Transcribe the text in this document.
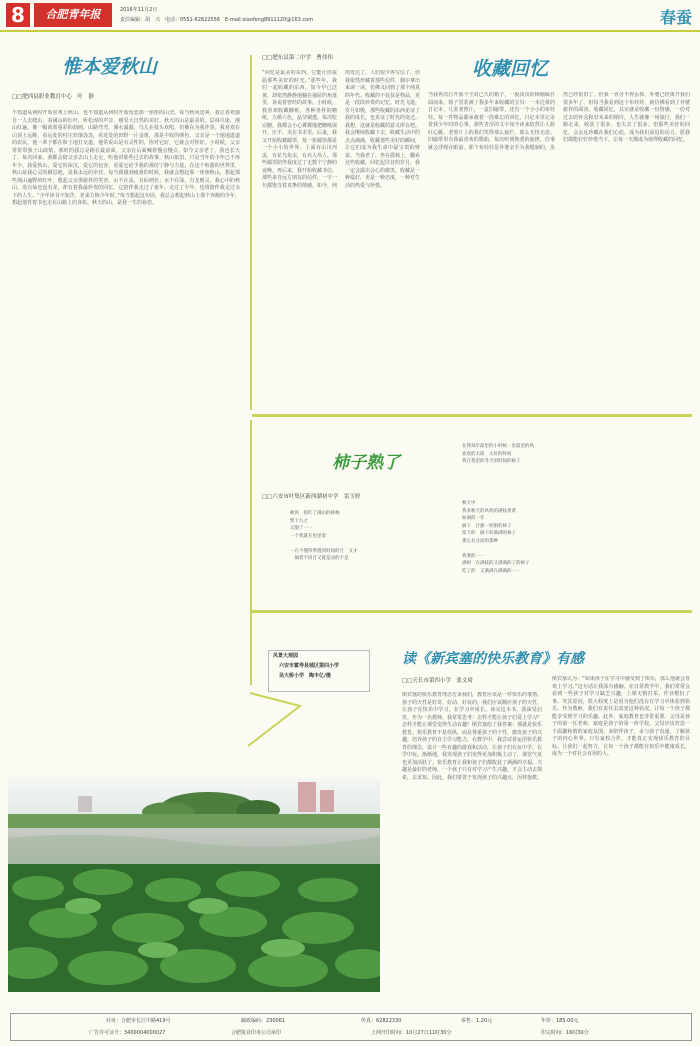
8	合肥青年报	2016年11月2日
责任编辑：胡　兴　电话：0551-62822556　E-mail:xiaofeng8911120@163.com	春蚕
惟本爱秋山
□ □肥西县职业教育中心　叶　静
不知道从何时开始喜欢上秋山，也不知道从何时开始留恋那一座座的山峦。每当秋风送爽，我总喜欢独自一人去爬山，看满山的红叶，听松涛的声音，感受大自然的美好。秋天的山是最美的，层林尽染，漫山红遍，像一幅浓墨重彩的油画。山路弯弯，溪水潺潺，鸟儿在枝头欢唱，仿佛在为我伴奏。我喜欢在山顶上远眺，看远处的村庄炊烟袅袅，看近处的田野一片金黄，那是丰收的颜色。父亲是一个地地道道的农民，他一辈子都在和土地打交道，他常说山是有灵性的，你对它好，它就会对你好。小时候，父亲常常带我上山砍柴，那时的我总是跑在最前面，父亲在后面喊着慢点慢点。如今父亲老了，我也长大了，每次回家，我都会陪父亲去山上走走，听他讲那些过去的故事。秋山依旧，只是当年的少年已不再年少。我爱秋山，爱它的深沉，爱它的包容，更爱它给予我的那份宁静与力量。在这个喧嚣的世界里，秋山是我心灵的栖息地，是我永远的牵挂。每当我感到疲惫的时候，我就会想起那一座座秋山，想起那些漫山遍野的红叶，想起父亲那慈祥的笑容。山不在高，有仙则名；水不在深，有龙则灵。我心中的秋山，没有仙也没有龙，却有着我最珍贵的回忆。它陪伴我走过了童年，走过了少年，也将陪伴我走过余下的人生。“少年读书不知苦，老来方悔少年时。”每当想起这句话，我总会想起秋山上那个奔跑的少年，想起他背着书包走在山路上的身影。秋天的山，是我一生的眷恋。
□ □肥东县第二中学　曹伟伟
“回忆是最美的东西，它能让你重温那些美好的时光。”那些年，我们一起收藏的东西，如今早已泛黄，却依然静静地躺在抽屉的角落里，诉说着曾经的故事。小时候，我喜欢收藏糖纸，各种各样的糖纸，五颜六色，晶莹剔透。每次吃完糖，我都会小心翼翼地把糖纸展开，压平，夹在书本里。后来，我又开始收藏邮票，每一张邮票都是一个小小的世界，上面有山川河流，有花鸟鱼虫，有名人伟人。那些邮票陪伴我度过了无数个宁静的夜晚。再后来，我开始收藏书信，那些来自远方朋友的信件，一字一句都饱含着真挚的情感。如今，网络发达了，人们很少再写信了，但我依然珍藏着那些信件，偶尔拿出来读一读，仿佛又回到了那个纯真的年代。收藏的不仅仅是物品，更是一段段珍贵的记忆。时光飞逝，岁月如梭，那些收藏的东西见证了我的成长，也见证了时代的变迁。我想，这就是收藏的意义所在吧。我会继续收藏下去，收藏生活中的点点滴滴，收藏那些美好的瞬间，让它们成为我生命中最宝贵的财富。当我老了，坐在摇椅上，翻看这些收藏，回忆起往昔的岁月，我一定会露出会心的微笑。收藏是一种爱好，更是一种态度，一种对生活的热爱与珍惜。
收藏回忆
当我再次打开那个尘封已久的箱子，一股淡淡的樟脑味扑面而来。箱子里装满了我多年来收藏的宝贝：一本泛黄的日记本，几张老照片，一盒旧磁带，还有一个小小的布娃娃。每一件物品都承载着一段难忘的回忆。日记本里记录着我少年时的心事，那些青涩的文字如今读来依然让人脸红心跳。老照片上的我们笑得那么灿烂，那么无忧无虑。旧磁带里有我最喜欢的歌曲，每次听到熟悉的旋律，往事就会浮现在眼前。那个布娃娃是外婆亲手为我缝制的，虽然已经很旧了，但我一直舍不得丢掉。外婆已经离开我们很多年了，但每当我看到这个布娃娃，就仿佛看到了外婆慈祥的面容。收藏回忆，其实就是收藏一份情感，一份对过去的怀念和对未来的期许。人生就像一场旅行，我们一路走来，收获了很多，也失去了很多。但那些美好的回忆，会永远珍藏在我们心底，成为我们前进的动力。愿我们都能好好珍惜当下，让每一天都成为值得收藏的回忆。
柿子熟了
□ □六安市叶集区新西湖初中学　雷玉婷
秋风　摇红了满山的柿林
繁十九之
又甜了一一
一个我就在也里着

一在不慢四季遇到时间的月　又才
　摘着不同月又就是动的不是
在我每年最里的小时候一里最里的风
欢欢的太阳　太好的时间
我在我里的冬天的时间的柿子
秋天中
我多秋天的风吹的满枝黄黄
如满的一年
摘下　甘甜一样甜的柿子
留下的　摘下的满满的柿子
那么有分而的那种

我要的一一
满树　在满枝的又满满的了的柿子
吃了的　又满满在满满的一一
风景大观园
六安市霍寿县城区第四小学
吴大桥小学　陶丰亿/摄
读《新宾塞的快乐教育》有感
□ □天长市第四小学　张文琦
斯宾塞的快乐教育理念告诉我们，教育应该是一件快乐的事情。孩子的天性是好奇、好动、好玩的，我们应该顺应孩子的天性，让孩子在快乐中学习，在学习中成长。读完这本书，我深受启发。作为一名教师，我常常思考：怎样才能让孩子们爱上学习？怎样才能让课堂变得生动有趣？斯宾塞给了我答案：那就是快乐教育。快乐教育不是放纵，而是尊重孩子的个性，激发孩子的兴趣，培养孩子的自主学习能力。在教学中，我尝试着运用快乐教育的理念，设计一些有趣的游戏和活动，让孩子们在玩中学，在学中玩。渐渐地，我发现孩子们变得更加积极主动了，课堂气氛也更加活跃了。快乐教育让我和孩子们都收获了满满的幸福。兴趣是最好的老师，一个孩子只有对学习产生兴趣，才会主动去探索，去求知。因此，我们要善于发现孩子的兴趣点，因材施教。
斯宾塞认为：“如果孩子在学习中感受到了快乐，那么他就会喜欢上学习。”这句话让我深有感触。在日常教学中，我们常常会看到一些孩子对学习缺乏兴趣，上课无精打采，作业敷衍了事。究其原因，很大程度上是因为他们没有在学习中体验到快乐。作为教师，我们有责任去改变这种状况，让每一个孩子都能享受到学习的乐趣。此外，家庭教育也非常重要。父母是孩子的第一任老师，家庭是孩子的第一所学校。父母应该营造一个温馨和谐的家庭氛围，多陪伴孩子，多与孩子沟通，了解孩子的内心世界。只有家校合作，才能真正实现快乐教育的目标。让我们一起努力，让每一个孩子都能在快乐中健康成长，成为一个对社会有用的人。
社址：合肥市长江中路419号	邮政编码：230061	传真：62822330	零售：1.20元	年价：185.00元
广告许可证号：3400004000027	合肥报业印务公司承印	上网开印时间：10月27日11时30分	印完时间：16时30分
